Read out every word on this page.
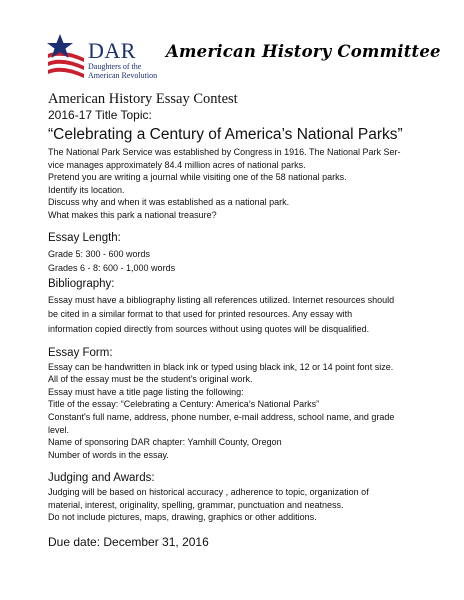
DAR
Daughters of the American Revolution
American History Committee

American History Essay Contest

2016-17 Title Topic:

“Celebrating a Century of America’s National Parks”

The National Park Service was established by Congress in 1916. The National Park Ser-

vice manages approximately 84.4 million acres of national parks.

Pretend you are writing a journal while visiting one of the 58 national parks.

Identify its location.

Discuss why and when it was established as a national park.

What makes this park a national treasure?

Essay Length:

Grade 5: 300 - 600 words

Grades 6 - 8: 600 - 1,000 words

Bibliography:

Essay must have a bibliography listing all references utilized. Internet resources should

be cited in a similar format to that used for printed resources. Any essay with

information copied directly from sources without using quotes will be disqualified.

Essay Form:

Essay can be handwritten in black ink or typed using black ink, 12 or 14 point font size.

All of the essay must be the student’s original work.

Essay must have a title page listing the following:

Title of the essay: “Celebrating a Century: America’s National Parks”

Constant's full name, address, phone number, e-mail address, school name, and grade

level.

Name of sponsoring DAR chapter: Yamhill County, Oregon

Number of words in the essay.

Judging and Awards:

Judging will be based on historical accuracy , adherence to topic, organization of

material, interest, originality, spelling, grammar, punctuation and neatness.

Do not include pictures, maps, drawing, graphics or other additions.

Due date: December 31, 2016
